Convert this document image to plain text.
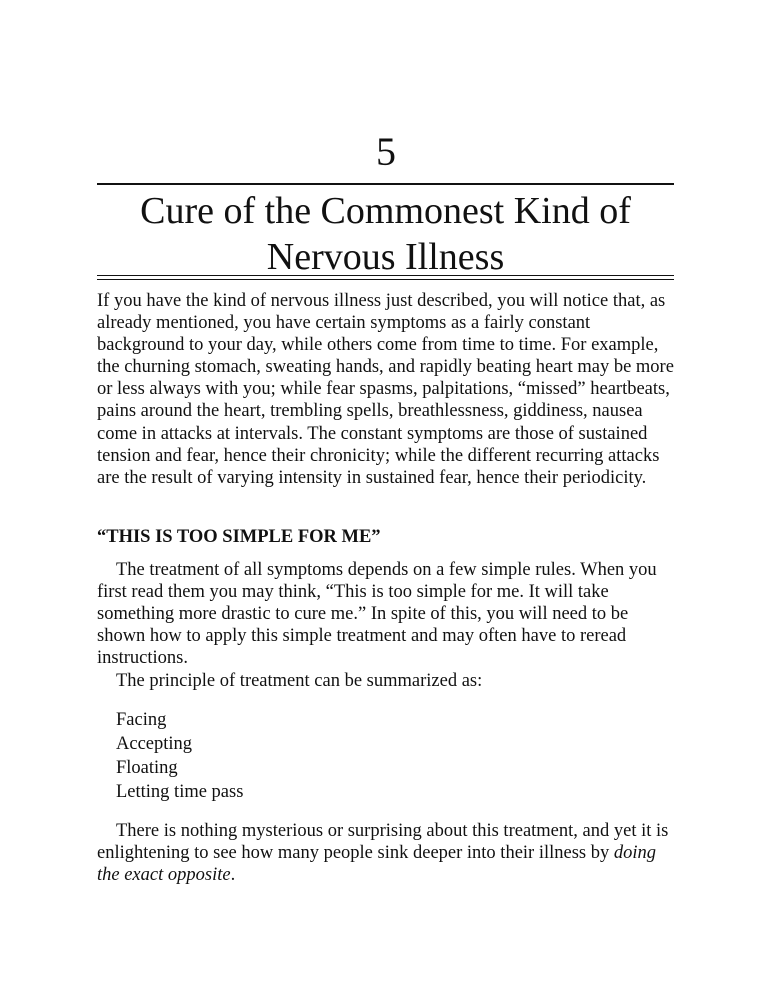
5
Cure of the Commonest Kind of
Nervous Illness
If you have the kind of nervous illness just described, you will notice that, as already mentioned, you have certain symptoms as a fairly constant background to your day, while others come from time to time. For example, the churning stomach, sweating hands, and rapidly beating heart may be more or less always with you; while fear spasms, palpitations, “missed” heartbeats, pains around the heart, trembling spells, breathlessness, giddiness, nausea come in attacks at intervals. The constant symptoms are those of sustained tension and fear, hence their chronicity; while the different recurring attacks are the result of varying intensity in sustained fear, hence their periodicity.
“THIS IS TOO SIMPLE FOR ME”
The treatment of all symptoms depends on a few simple rules. When you first read them you may think, “This is too simple for me. It will take something more drastic to cure me.” In spite of this, you will need to be shown how to apply this simple treatment and may often have to reread instructions.
The principle of treatment can be summarized as:
Facing
Accepting
Floating
Letting time pass
There is nothing mysterious or surprising about this treatment, and yet it is enlightening to see how many people sink deeper into their illness by doing the exact opposite.
